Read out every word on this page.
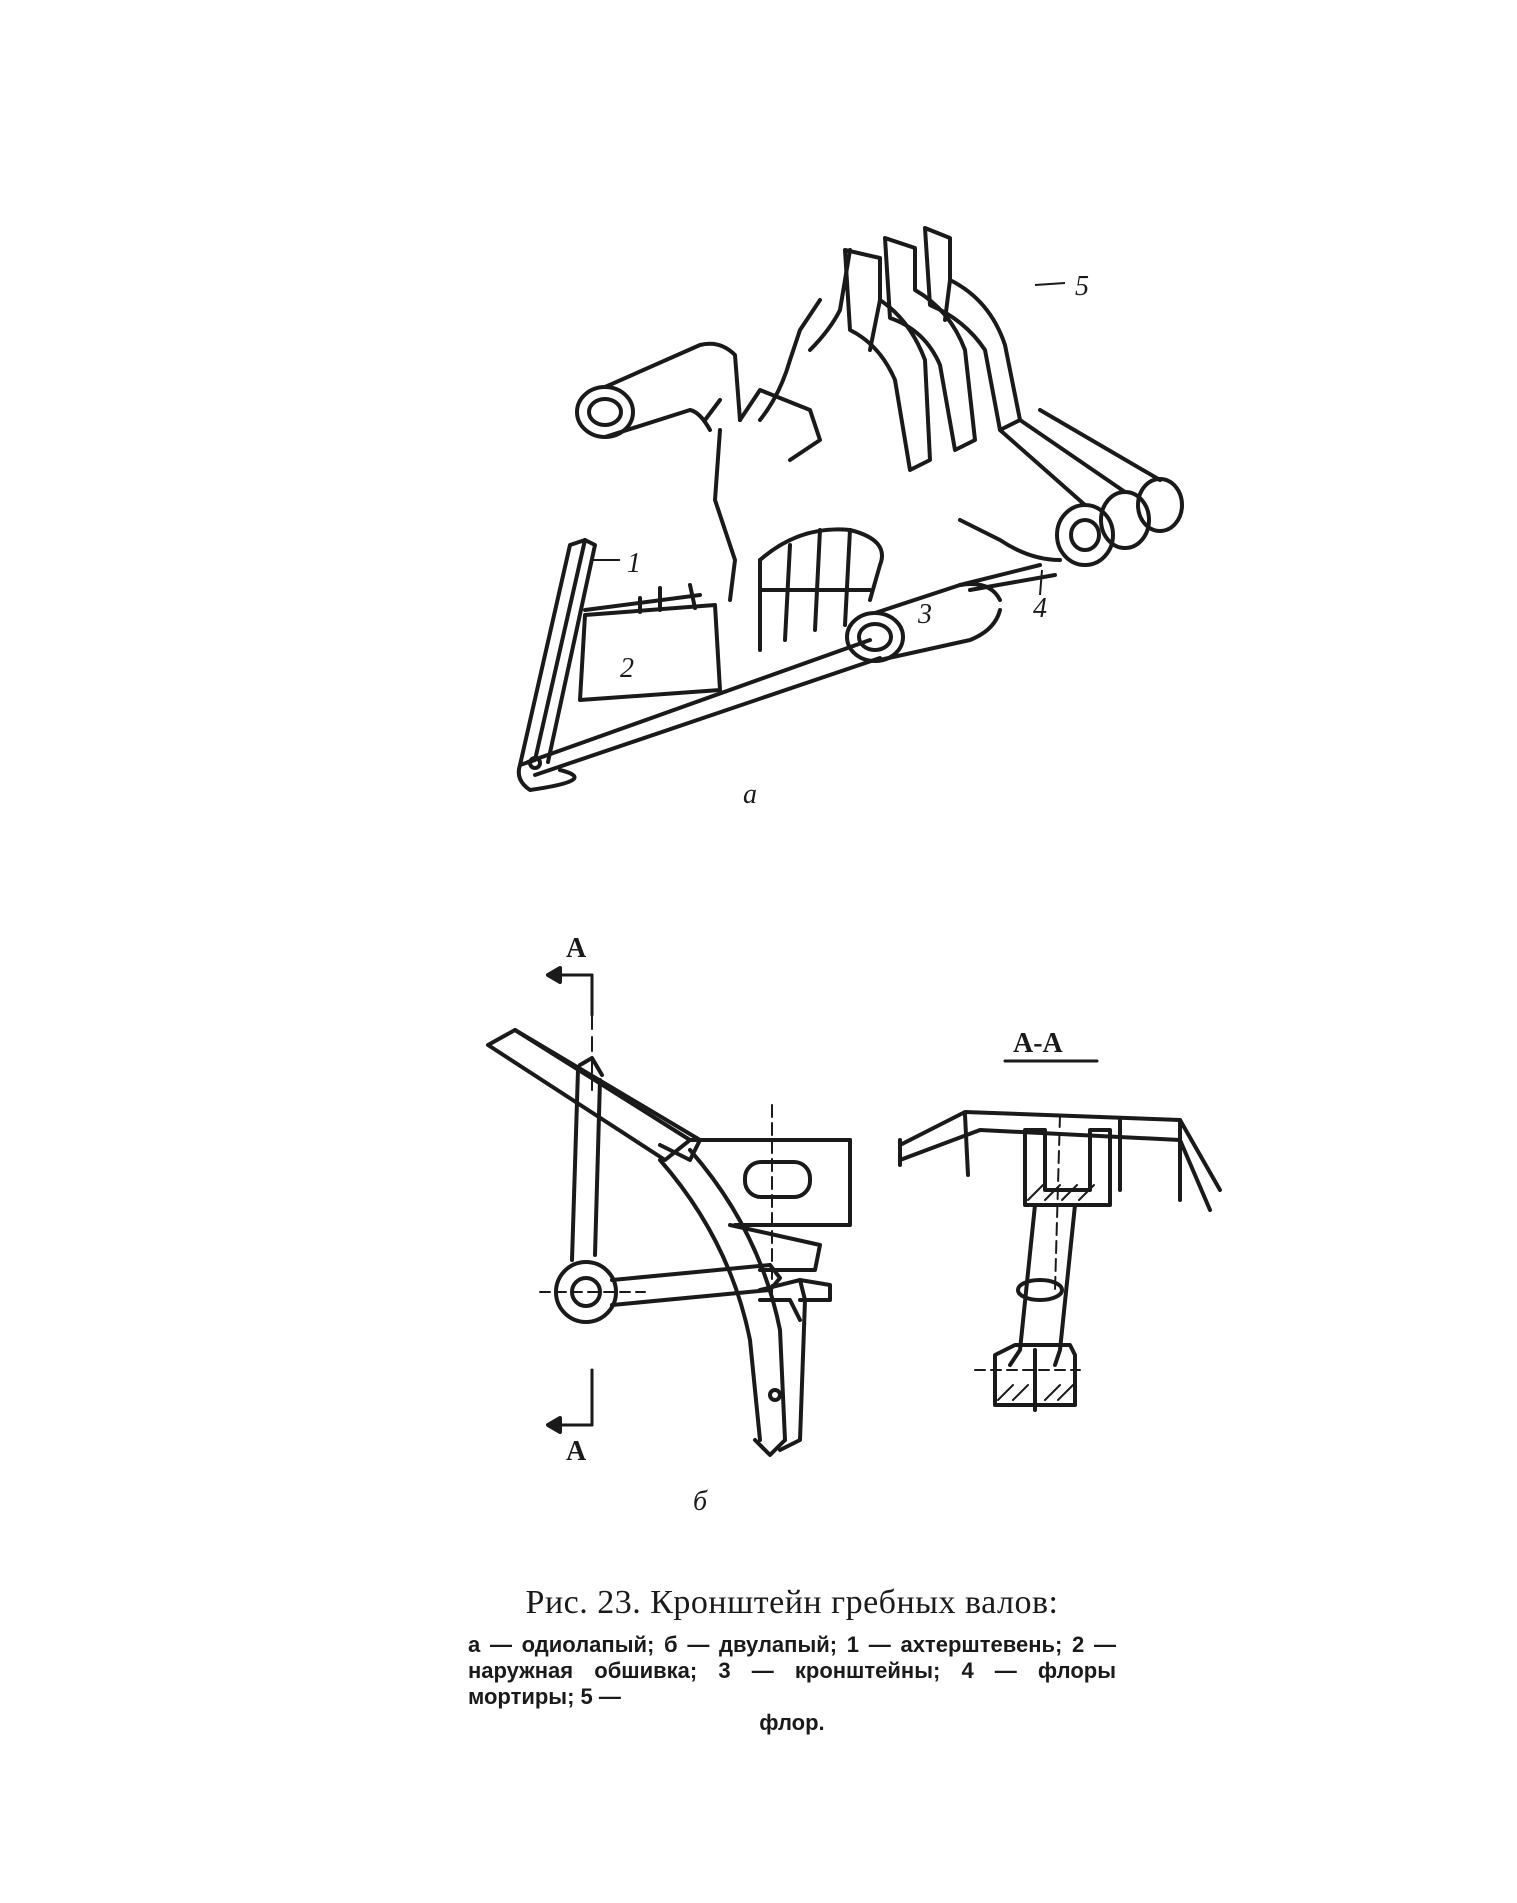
1
2
3	4
5
a
A
A
A-A
б
Рис. 23. Кронштейн гребных валов:
а — одиолапый; б — двулапый; 1 — ахтерштевень; 2 — наружная обшивка; 3 — кронштейны; 4 — флоры мортиры; 5 —
флор.
